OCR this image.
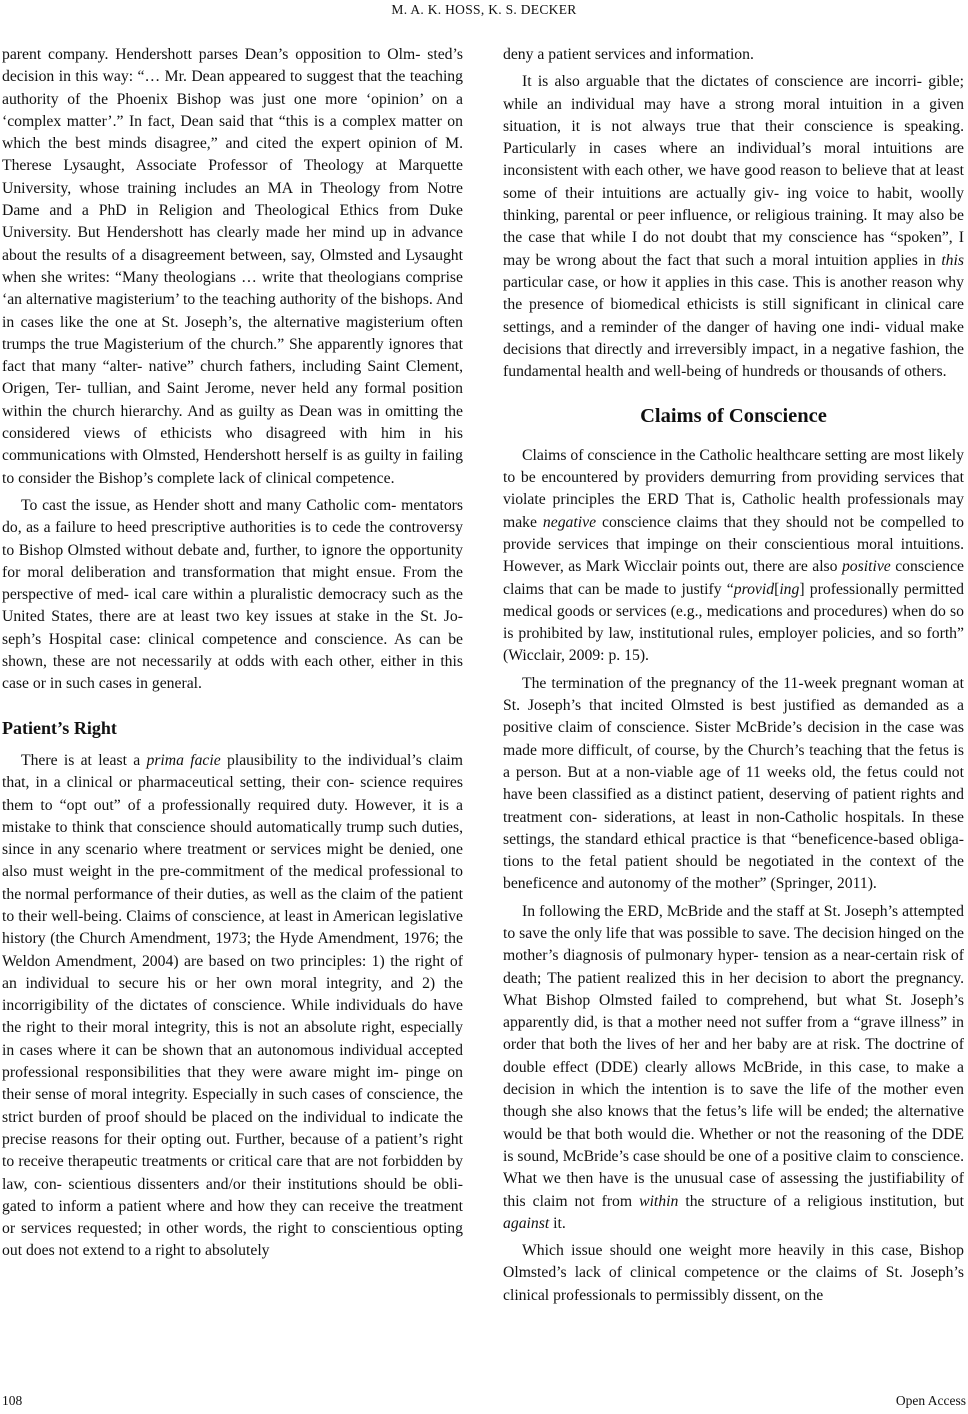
M. A. K. HOSS, K. S. DECKER

parent company. Hendershott parses Dean’s opposition to Olm- sted’s decision in this way: “… Mr. Dean appeared to suggest that the teaching authority of the Phoenix Bishop was just one more ‘opinion’ on a ‘complex matter’.” In fact, Dean said that “this is a complex matter on which the best minds disagree,” and cited the expert opinion of M. Therese Lysaught, Associate Professor of Theology at Marquette University, whose training includes an MA in Theology from Notre Dame and a PhD in Religion and Theological Ethics from Duke University. But Hendershott has clearly made her mind up in advance about the results of a disagreement between, say, Olmsted and Lysaught when she writes: “Many theologians … write that theologians comprise ‘an alternative magisterium’ to the teaching authority of the bishops. And in cases like the one at St. Joseph’s, the alternative magisterium often trumps the true Magisterium of the church.” She apparently ignores that fact that many “alter- native” church fathers, including Saint Clement, Origen, Ter- tullian, and Saint Jerome, never held any formal position within the church hierarchy. And as guilty as Dean was in omitting the considered views of ethicists who disagreed with him in his communications with Olmsted, Hendershott herself is as guilty in failing to consider the Bishop’s complete lack of clinical competence.

To cast the issue, as Hender shott and many Catholic com- mentators do, as a failure to heed prescriptive authorities is to cede the controversy to Bishop Olmsted without debate and, further, to ignore the opportunity for moral deliberation and transformation that might ensue. From the perspective of med- ical care within a pluralistic democracy such as the United States, there are at least two key issues at stake in the St. Jo- seph’s Hospital case: clinical competence and conscience. As can be shown, these are not necessarily at odds with each other, either in this case or in such cases in general.

Patient’s Right

There is at least a prima facie plausibility to the individual’s claim that, in a clinical or pharmaceutical setting, their con- science requires them to “opt out” of a professionally required duty. However, it is a mistake to think that conscience should automatically trump such duties, since in any scenario where treatment or services might be denied, one also must weight in the pre-commitment of the medical professional to the normal performance of their duties, as well as the claim of the patient to their well-being. Claims of conscience, at least in American legislative history (the Church Amendment, 1973; the Hyde Amendment, 1976; the Weldon Amendment, 2004) are based on two principles: 1) the right of an individual to secure his or her own moral integrity, and 2) the incorrigibility of the dictates of conscience. While individuals do have the right to their moral integrity, this is not an absolute right, especially in cases where it can be shown that an autonomous individual accepted professional responsibilities that they were aware might im- pinge on their sense of moral integrity. Especially in such cases of conscience, the strict burden of proof should be placed on the individual to indicate the precise reasons for their opting out. Further, because of a patient’s right to receive therapeutic treatments or critical care that are not forbidden by law, con- scientious dissenters and/or their institutions should be obli- gated to inform a patient where and how they can receive the treatment or services requested; in other words, the right to conscientious opting out does not extend to a right to absolutely

deny a patient services and information.

It is also arguable that the dictates of conscience are incorri- gible; while an individual may have a strong moral intuition in a given situation, it is not always true that their conscience is speaking. Particularly in cases where an individual’s moral intuitions are inconsistent with each other, we have good reason to believe that at least some of their intuitions are actually giv- ing voice to habit, woolly thinking, parental or peer influence, or religious training. It may also be the case that while I do not doubt that my conscience has “spoken”, I may be wrong about the fact that such a moral intuition applies in this particular case, or how it applies in this case. This is another reason why the presence of biomedical ethicists is still significant in clinical care settings, and a reminder of the danger of having one indi- vidual make decisions that directly and irreversibly impact, in a negative fashion, the fundamental health and well-being of hundreds or thousands of others.

Claims of Conscience

Claims of conscience in the Catholic healthcare setting are most likely to be encountered by providers demurring from providing services that violate principles the ERD That is, Catholic health professionals may make negative conscience claims that they should not be compelled to provide services that impinge on their conscientious moral intuitions. However, as Mark Wicclair points out, there are also positive conscience claims that can be made to justify “provid[ing] professionally permitted medical goods or services (e.g., medications and procedures) when do so is prohibited by law, institutional rules, employer policies, and so forth” (Wicclair, 2009: p. 15).

The termination of the pregnancy of the 11-week pregnant woman at St. Joseph’s that incited Olmsted is best justified as demanded as a positive claim of conscience. Sister McBride’s decision in the case was made more difficult, of course, by the Church’s teaching that the fetus is a person. But at a non-viable age of 11 weeks old, the fetus could not have been classified as a distinct patient, deserving of patient rights and treatment con- siderations, at least in non-Catholic hospitals. In these settings, the standard ethical practice is that “beneficence-based obliga- tions to the fetal patient should be negotiated in the context of the beneficence and autonomy of the mother” (Springer, 2011).

In following the ERD, McBride and the staff at St. Joseph’s attempted to save the only life that was possible to save. The decision hinged on the mother’s diagnosis of pulmonary hyper- tension as a near-certain risk of death; The patient realized this in her decision to abort the pregnancy. What Bishop Olmsted failed to comprehend, but what St. Joseph’s apparently did, is that a mother need not suffer from a “grave illness” in order that both the lives of her and her baby are at risk. The doctrine of double effect (DDE) clearly allows McBride, in this case, to make a decision in which the intention is to save the life of the mother even though she also knows that the fetus’s life will be ended; the alternative would be that both would die. Whether or not the reasoning of the DDE is sound, McBride’s case should be one of a positive claim to conscience. What we then have is the unusual case of assessing the justifiability of this claim not from within the structure of a religious institution, but against it.

Which issue should one weight more heavily in this case, Bishop Olmsted’s lack of clinical competence or the claims of St. Joseph’s clinical professionals to permissibly dissent, on the

108	Open Access
